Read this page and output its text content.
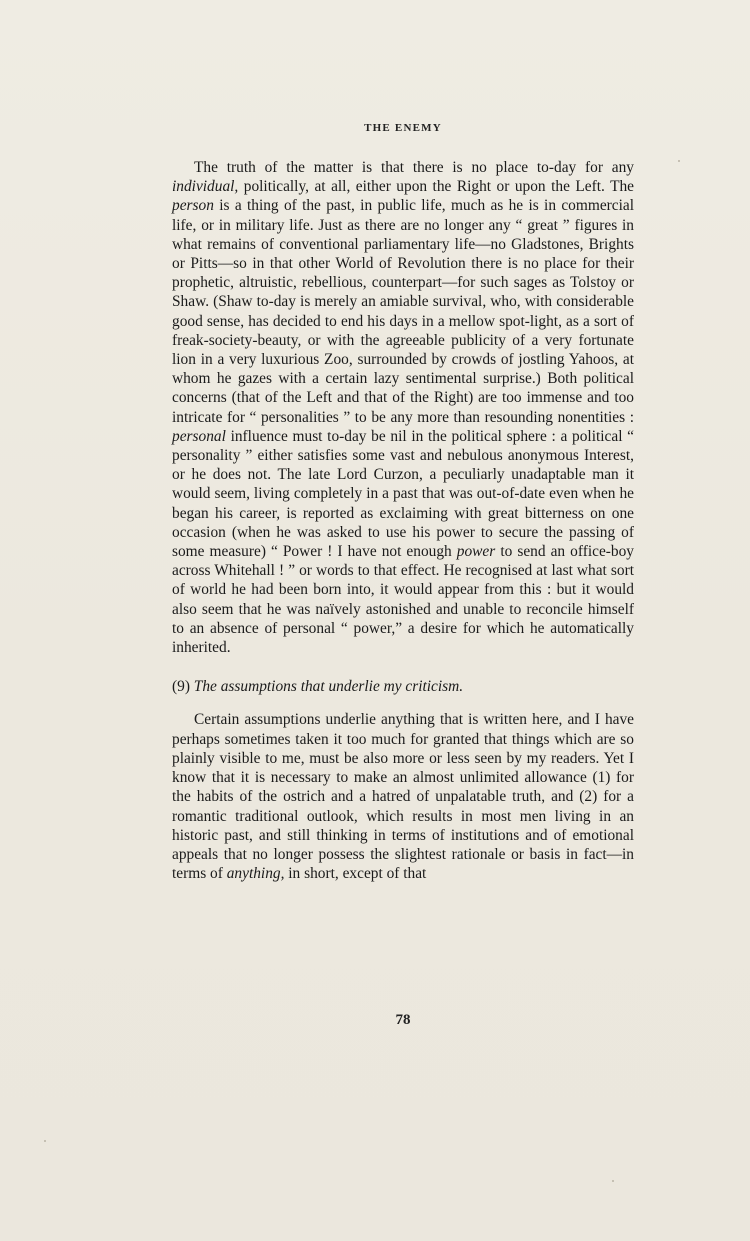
THE ENEMY

The truth of the matter is that there is no place to-day for any individual, politically, at all, either upon the Right or upon the Left. The person is a thing of the past, in public life, much as he is in commercial life, or in military life. Just as there are no longer any “ great ” figures in what remains of conventional parliamentary life—no Gladstones, Brights or Pitts—so in that other World of Revolution there is no place for their prophetic, altruistic, rebellious, counterpart—for such sages as Tolstoy or Shaw. (Shaw to-day is merely an amiable survival, who, with considerable good sense, has decided to end his days in a mellow spot-light, as a sort of freak-society-beauty, or with the agreeable publicity of a very fortunate lion in a very luxurious Zoo, surrounded by crowds of jostling Yahoos, at whom he gazes with a certain lazy sentimental surprise.) Both political concerns (that of the Left and that of the Right) are too immense and too intricate for “ personalities ” to be any more than resounding nonentities : personal influence must to-day be nil in the political sphere : a political “ personality ” either satisfies some vast and nebulous anonymous Interest, or he does not. The late Lord Curzon, a peculiarly unadaptable man it would seem, living completely in a past that was out-of-date even when he began his career, is reported as exclaiming with great bitterness on one occasion (when he was asked to use his power to secure the passing of some measure) “ Power ! I have not enough power to send an office-boy across Whitehall ! ” or words to that effect. He recognised at last what sort of world he had been born into, it would appear from this : but it would also seem that he was naïvely astonished and unable to reconcile himself to an absence of personal “ power,” a desire for which he automatically inherited.

(9) The assumptions that underlie my criticism.

Certain assumptions underlie anything that is written here, and I have perhaps sometimes taken it too much for granted that things which are so plainly visible to me, must be also more or less seen by my readers. Yet I know that it is necessary to make an almost unlimited allowance (1) for the habits of the ostrich and a hatred of unpalatable truth, and (2) for a romantic traditional outlook, which results in most men living in an historic past, and still thinking in terms of institutions and of emotional appeals that no longer possess the slightest rationale or basis in fact—in terms of anything, in short, except of that

78
